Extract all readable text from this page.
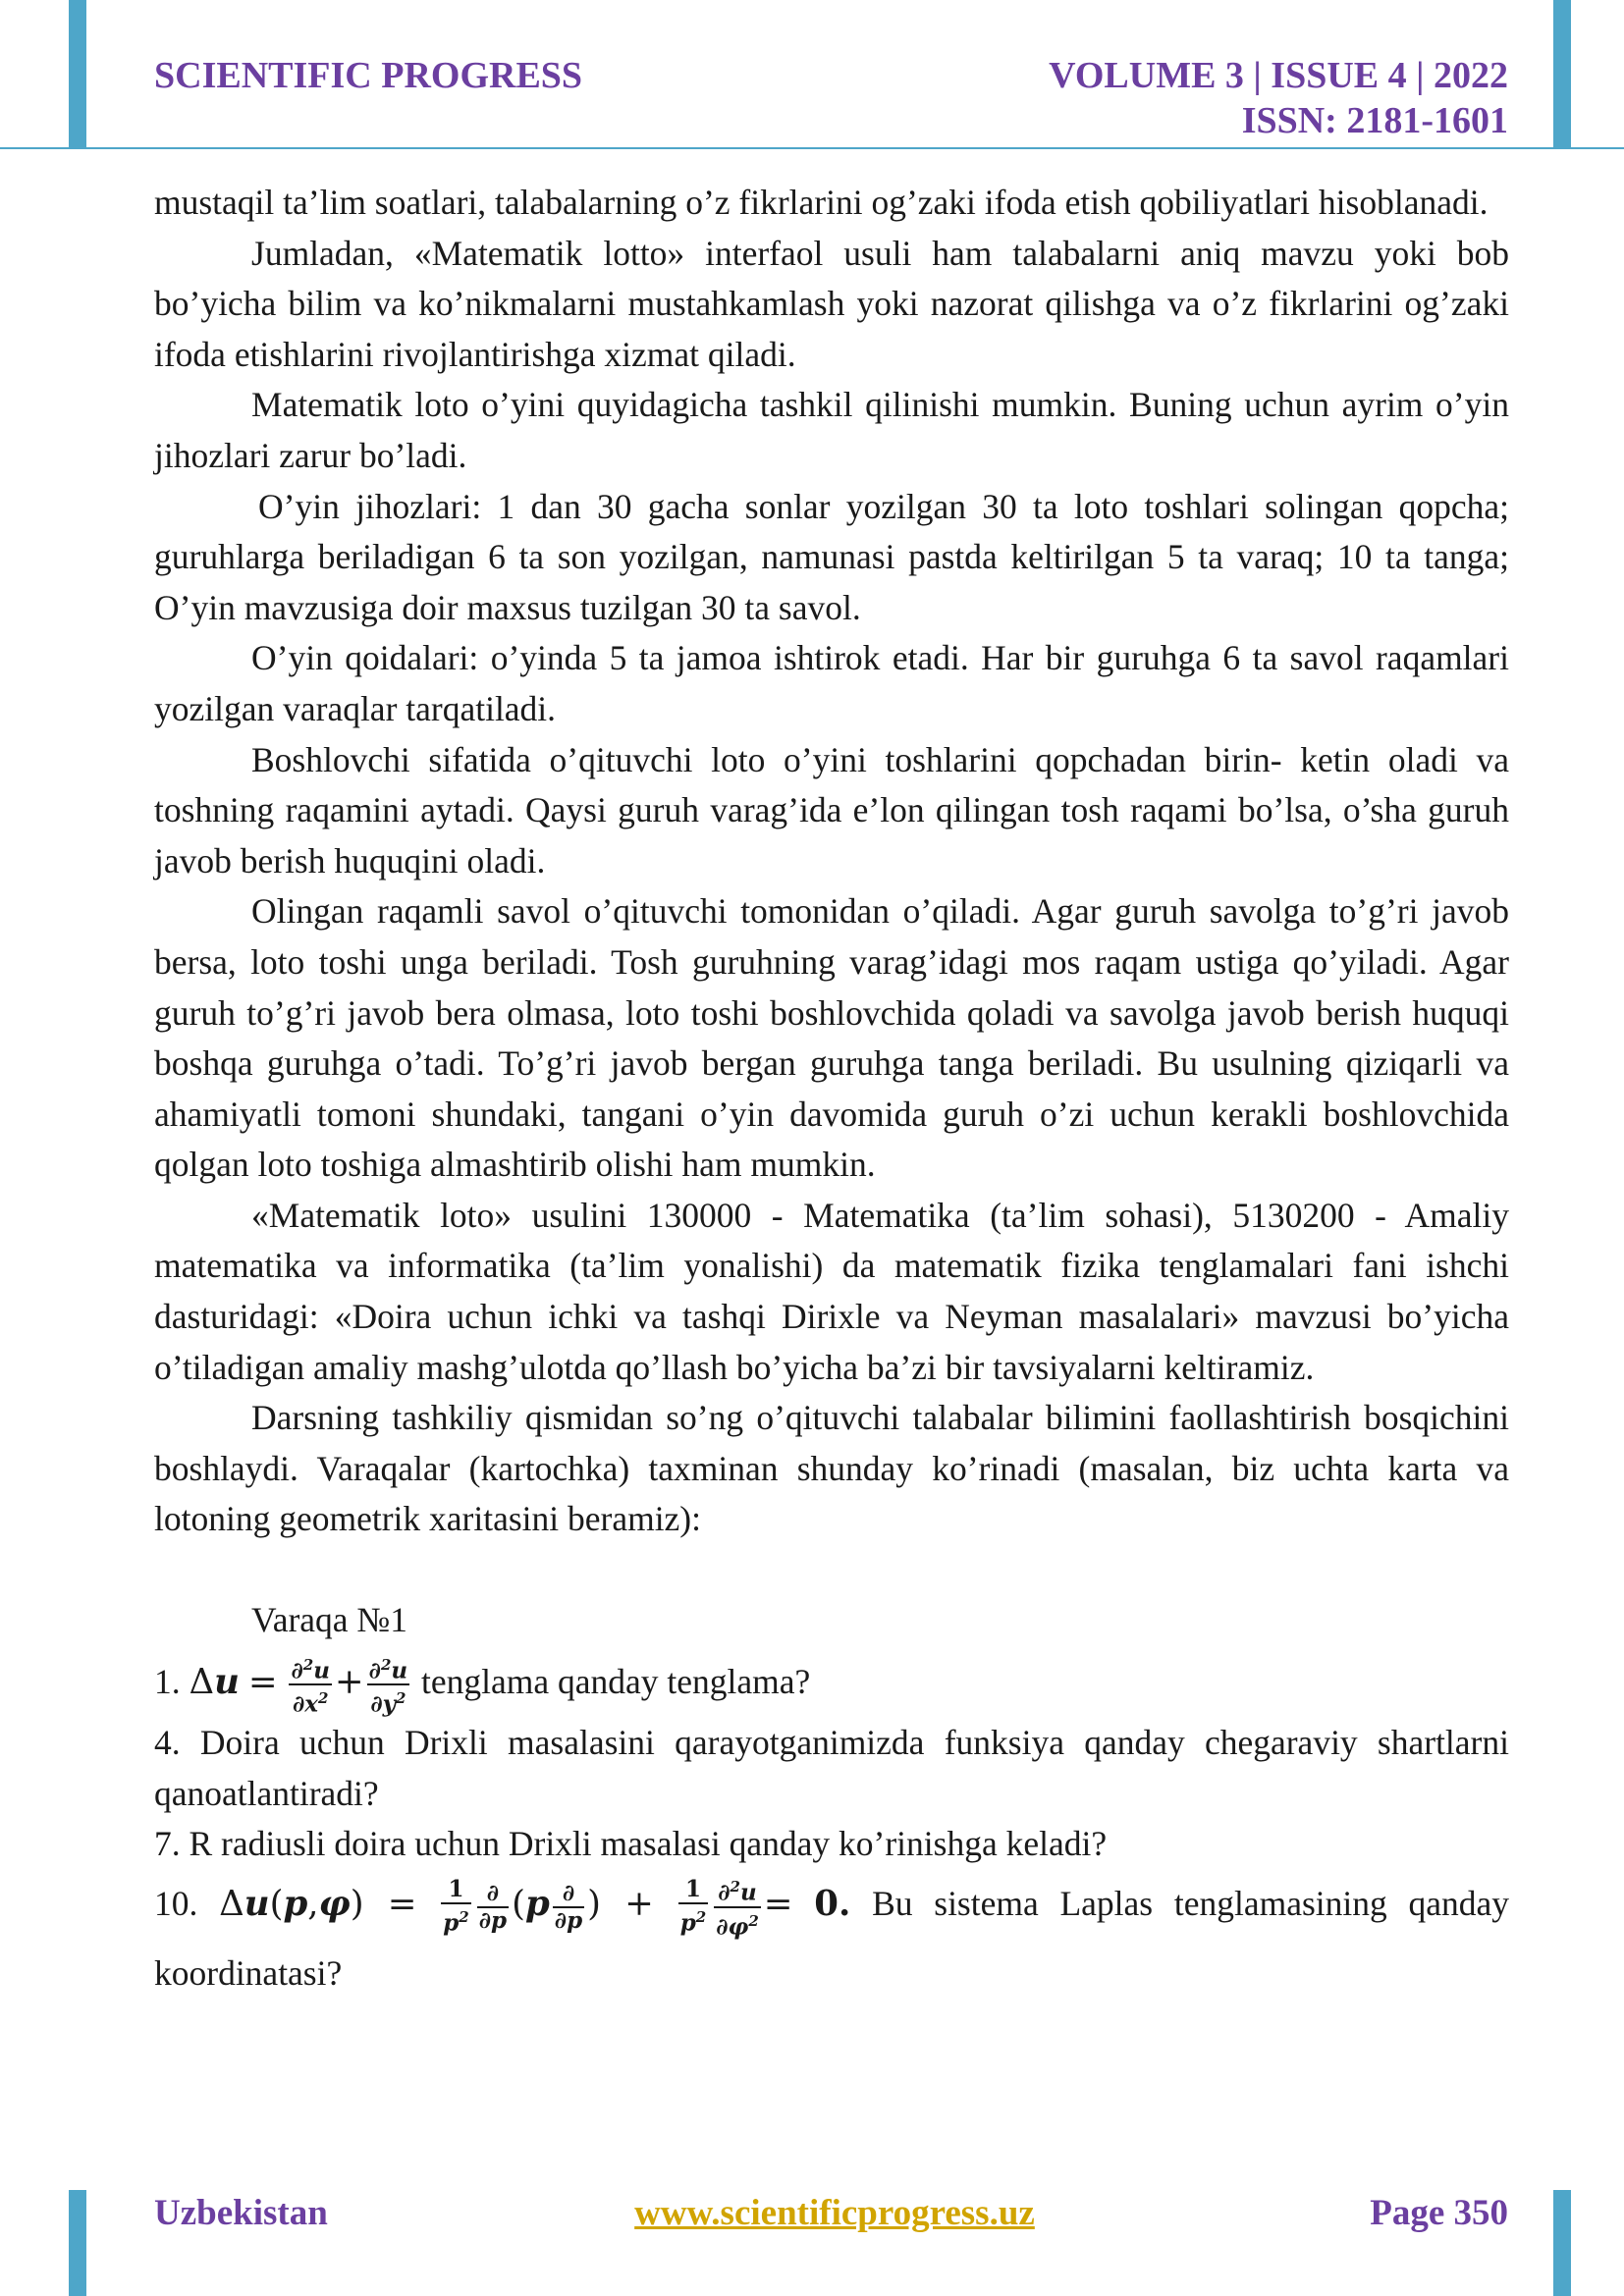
SCIENTIFIC PROGRESS	VOLUME 3 | ISSUE 4 | 2022
ISSN: 2181-1601

mustaqil ta’lim soatlari, talabalarning o’z fikrlarini og’zaki ifoda etish qobiliyatlari hisoblanadi.

Jumladan, «Matematik lotto» interfaol usuli ham talabalarni aniq mavzu yoki bob bo’yicha bilim va ko’nikmalarni mustahkamlash yoki nazorat qilishga va o’z fikrlarini og’zaki ifoda etishlarini rivojlantirishga xizmat qiladi.

Matematik loto o’yini quyidagicha tashkil qilinishi mumkin. Buning uchun ayrim o’yin jihozlari zarur bo’ladi.

O’yin jihozlari: 1 dan 30 gacha sonlar yozilgan 30 ta loto toshlari solingan qopcha; guruhlarga beriladigan 6 ta son yozilgan, namunasi pastda keltirilgan 5 ta varaq; 10 ta tanga; O’yin mavzusiga doir maxsus tuzilgan 30 ta savol.

O’yin qoidalari: o’yinda 5 ta jamoa ishtirok etadi. Har bir guruhga 6 ta savol raqamlari yozilgan varaqlar tarqatiladi.

Boshlovchi sifatida o’qituvchi loto o’yini toshlarini qopchadan birin- ketin oladi va toshning raqamini aytadi. Qaysi guruh varag’ida e’lon qilingan tosh raqami bo’lsa, o’sha guruh javob berish huquqini oladi.

Olingan raqamli savol o’qituvchi tomonidan o’qiladi. Agar guruh savolga to’g’ri javob bersa, loto toshi unga beriladi. Tosh guruhning varag’idagi mos raqam ustiga qo’yiladi. Agar guruh to’g’ri javob bera olmasa, loto toshi boshlovchida qoladi va savolga javob berish huquqi boshqa guruhga o’tadi. To’g’ri javob bergan guruhga tanga beriladi. Bu usulning qiziqarli va ahamiyatli tomoni shundaki, tangani o’yin davomida guruh o’zi uchun kerakli boshlovchida qolgan loto toshiga almashtirib olishi ham mumkin.

«Matematik loto» usulini 130000 - Matematika (ta’lim sohasi), 5130200 - Amaliy matematika va informatika (ta’lim yonalishi) da matematik fizika tenglamalari fani ishchi dasturidagi: «Doira uchun ichki va tashqi Dirixle va Neyman masalalari» mavzusi bo’yicha o’tiladigan amaliy mashg’ulotda qo’llash bo’yicha ba’zi bir tavsiyalarni keltiramiz.

Darsning tashkiliy qismidan so’ng o’qituvchi talabalar bilimini faollashtirish bosqichini boshlaydi. Varaqalar (kartochka) taxminan shunday ko’rinadi (masalan, biz uchta karta va lotoning geometrik xaritasini beramiz):

Varaqa №1

1. $\Delta u = \frac{\partial^2u}{\partial x^2} + \frac{\partial^2u}{\partial y^2}$ tenglama qanday tenglama?

4. Doira uchun Drixli masalasini qarayotganimizda funksiya qanday chegaraviy shartlarni qanoatlantiradi?

7. R radiusli doira uchun Drixli masalasi qanday ko’rinishga keladi?

10. $\Delta u(p,\varphi) = \frac{1}{p^2} \frac{\partial}{\partial p} (p \frac{\partial}{\partial p}$ ) + $\frac{1}{p^2} \frac{\partial^2u}{\partial\varphi^2} = 0$. Bu sistema Laplas tenglamasining qanday koordinatasi?

Uzbekistan	www.scientificprogress.uz	Page 350
